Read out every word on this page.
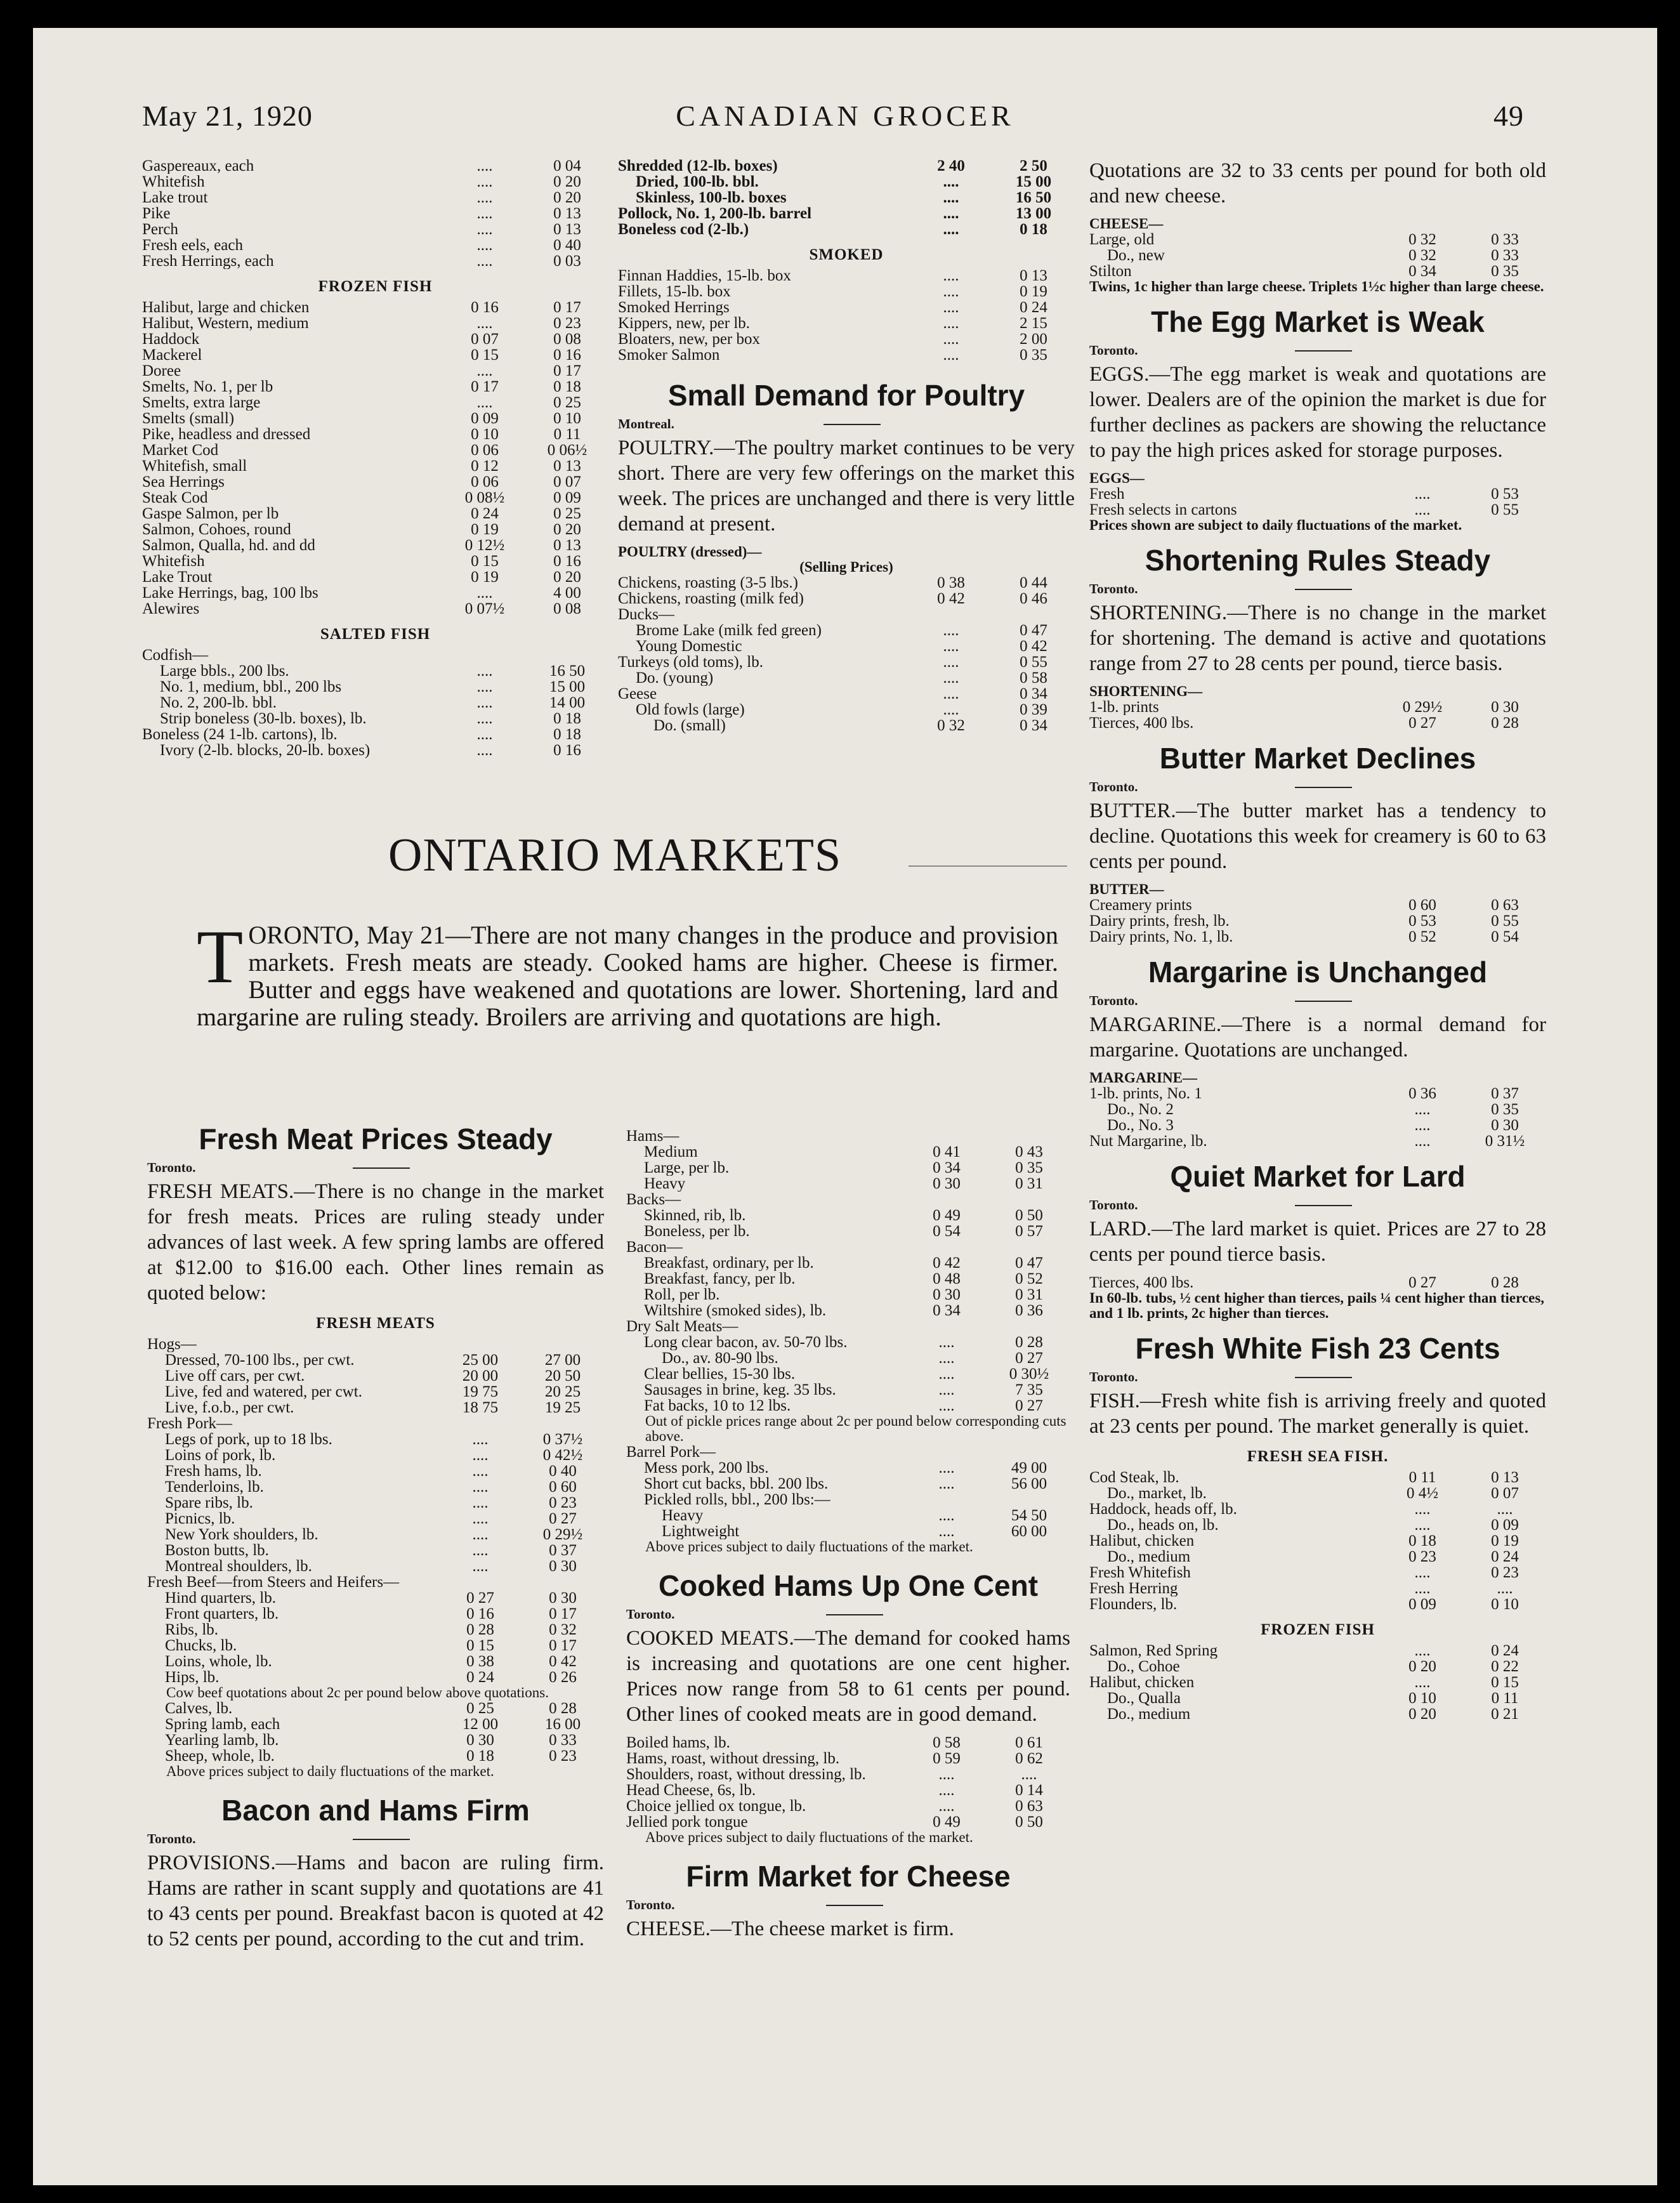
May 21, 1920	CANADIAN GROCER	49
Gaspereaux, each	....	0 04
Whitefish	....	0 20
Lake trout	....	0 20
Pike	....	0 13
Perch	....	0 13
Fresh eels, each	....	0 40
Fresh Herrings, each	....	0 03
FROZEN FISH
Halibut, large and chicken	0 16	0 17
Halibut, Western, medium	....	0 23
Haddock	0 07	0 08
Mackerel	0 15	0 16
Doree	....	0 17
Smelts, No. 1, per lb	0 17	0 18
Smelts, extra large	....	0 25
Smelts (small)	0 09	0 10
Pike, headless and dressed	0 10	0 11
Market Cod	0 06	0 06½
Whitefish, small	0 12	0 13
Sea Herrings	0 06	0 07
Steak Cod	0 08½	0 09
Gaspe Salmon, per lb	0 24	0 25
Salmon, Cohoes, round	0 19	0 20
Salmon, Qualla, hd. and dd	0 12½	0 13
Whitefish	0 15	0 16
Lake Trout	0 19	0 20
Lake Herrings, bag, 100 lbs	....	4 00
Alewires	0 07½	0 08
SALTED FISH
Codfish—		
Large bbls., 200 lbs.	....	16 50
No. 1, medium, bbl., 200 lbs	....	15 00
No. 2, 200-lb. bbl.	....	14 00
Strip boneless (30-lb. boxes), lb.	....	0 18
Boneless (24 1-lb. cartons), lb.	....	0 18
Ivory (2-lb. blocks, 20-lb. boxes)	....	0 16
Shredded (12-lb. boxes)	2 40	2 50
Dried, 100-lb. bbl.	....	15 00
Skinless, 100-lb. boxes	....	16 50
Pollock, No. 1, 200-lb. barrel	....	13 00
Boneless cod (2-lb.)	....	0 18
SMOKED
Finnan Haddies, 15-lb. box	....	0 13
Fillets, 15-lb. box	....	0 19
Smoked Herrings	....	0 24
Kippers, new, per lb.	....	2 15
Bloaters, new, per box	....	2 00
Smoker Salmon	....	0 35
Small Demand for Poultry
Montreal.

POULTRY.—The poultry market continues to be very short. There are very few offerings on the market this week. The prices are unchanged and there is very little demand at present.

POULTRY (dressed)—
(Selling Prices)
Chickens, roasting (3-5 lbs.)	0 38	0 44
Chickens, roasting (milk fed)	0 42	0 46
Ducks—		
Brome Lake (milk fed green)	....	0 47
Young Domestic	....	0 42
Turkeys (old toms), lb.	....	0 55
Do. (young)	....	0 58
Geese	....	0 34
Old fowls (large)	....	0 39
Do. (small)	0 32	0 34

Quotations are 32 to 33 cents per pound for both old and new cheese.

CHEESE—
Large, old	0 32	0 33
Do., new	0 32	0 33
Stilton	0 34	0 35
Twins, 1c higher than large cheese. Triplets 1½c higher than large cheese.
The Egg Market is Weak
Toronto.

EGGS.—The egg market is weak and quotations are lower. Dealers are of the opinion the market is due for further declines as packers are showing the reluctance to pay the high prices asked for storage purposes.

EGGS—
Fresh	....	0 53
Fresh selects in cartons	....	0 55
Prices shown are subject to daily fluctuations of the market.
Shortening Rules Steady
Toronto.

SHORTENING.—There is no change in the market for shortening. The demand is active and quotations range from 27 to 28 cents per pound, tierce basis.

SHORTENING—
1-lb. prints	0 29½	0 30
Tierces, 400 lbs.	0 27	0 28
Butter Market Declines
Toronto.

BUTTER.—The butter market has a tendency to decline. Quotations this week for creamery is 60 to 63 cents per pound.

BUTTER—
Creamery prints	0 60	0 63
Dairy prints, fresh, lb.	0 53	0 55
Dairy prints, No. 1, lb.	0 52	0 54
Margarine is Unchanged
Toronto.

MARGARINE.—There is a normal demand for margarine. Quotations are unchanged.

MARGARINE—
1-lb. prints, No. 1	0 36	0 37
Do., No. 2	....	0 35
Do., No. 3	....	0 30
Nut Margarine, lb.	....	0 31½
Quiet Market for Lard
Toronto.

LARD.—The lard market is quiet. Prices are 27 to 28 cents per pound tierce basis.

Tierces, 400 lbs.	0 27	0 28
In 60-lb. tubs, ½ cent higher than tierces, pails ¼ cent higher than tierces, and 1 lb. prints, 2c higher than tierces.
Fresh White Fish 23 Cents
Toronto.

FISH.—Fresh white fish is arriving freely and quoted at 23 cents per pound. The market generally is quiet.

FRESH SEA FISH.
Cod Steak, lb.	0 11	0 13
Do., market, lb.	0 4½	0 07
Haddock, heads off, lb.	....	....
Do., heads on, lb.	....	0 09
Halibut, chicken	0 18	0 19
Do., medium	0 23	0 24
Fresh Whitefish	....	0 23
Fresh Herring	....	....
Flounders, lb.	0 09	0 10
FROZEN FISH
Salmon, Red Spring	....	0 24
Do., Cohoe	0 20	0 22
Halibut, chicken	....	0 15
Do., Qualla	0 10	0 11
Do., medium	0 20	0 21
ONTARIO MARKETS
TORONTO, May 21—There are not many changes in the produce and provision markets. Fresh meats are steady. Cooked hams are higher. Cheese is firmer. Butter and eggs have weakened and quotations are lower. Shortening, lard and margarine are ruling steady. Broilers are arriving and quotations are high.
Fresh Meat Prices Steady
Toronto.

FRESH MEATS.—There is no change in the market for fresh meats. Prices are ruling steady under advances of last week. A few spring lambs are offered at $12.00 to $16.00 each. Other lines remain as quoted below:

FRESH MEATS
Hogs—		
Dressed, 70-100 lbs., per cwt.	25 00	27 00
Live off cars, per cwt.	20 00	20 50
Live, fed and watered, per cwt.	19 75	20 25
Live, f.o.b., per cwt.	18 75	19 25
Fresh Pork—		
Legs of pork, up to 18 lbs.	....	0 37½
Loins of pork, lb.	....	0 42½
Fresh hams, lb.	....	0 40
Tenderloins, lb.	....	0 60
Spare ribs, lb.	....	0 23
Picnics, lb.	....	0 27
New York shoulders, lb.	....	0 29½
Boston butts, lb.	....	0 37
Montreal shoulders, lb.	....	0 30
Fresh Beef—from Steers and Heifers—		
Hind quarters, lb.	0 27	0 30
Front quarters, lb.	0 16	0 17
Ribs, lb.	0 28	0 32
Chucks, lb.	0 15	0 17
Loins, whole, lb.	0 38	0 42
Hips, lb.	0 24	0 26
Cow beef quotations about 2c per pound below above quotations.
Calves, lb.	0 25	0 28
Spring lamb, each	12 00	16 00
Yearling lamb, lb.	0 30	0 33
Sheep, whole, lb.	0 18	0 23
Above prices subject to daily fluctuations of the market.
Bacon and Hams Firm
Toronto.

PROVISIONS.—Hams and bacon are ruling firm. Hams are rather in scant supply and quotations are 41 to 43 cents per pound. Breakfast bacon is quoted at 42 to 52 cents per pound, according to the cut and trim.

Hams—		
Medium	0 41	0 43
Large, per lb.	0 34	0 35
Heavy	0 30	0 31
Backs—		
Skinned, rib, lb.	0 49	0 50
Boneless, per lb.	0 54	0 57
Bacon—		
Breakfast, ordinary, per lb.	0 42	0 47
Breakfast, fancy, per lb.	0 48	0 52
Roll, per lb.	0 30	0 31
Wiltshire (smoked sides), lb.	0 34	0 36
Dry Salt Meats—		
Long clear bacon, av. 50-70 lbs.	....	0 28
Do., av. 80-90 lbs.	....	0 27
Clear bellies, 15-30 lbs.	....	0 30½
Sausages in brine, keg. 35 lbs.	....	7 35
Fat backs, 10 to 12 lbs.	....	0 27
Out of pickle prices range about 2c per pound below corresponding cuts above.
Barrel Pork—		
Mess pork, 200 lbs.	....	49 00
Short cut backs, bbl. 200 lbs.	....	56 00
Pickled rolls, bbl., 200 lbs:—		
Heavy	....	54 50
Lightweight	....	60 00
Above prices subject to daily fluctuations of the market.
Cooked Hams Up One Cent
Toronto.

COOKED MEATS.—The demand for cooked hams is increasing and quotations are one cent higher. Prices now range from 58 to 61 cents per pound. Other lines of cooked meats are in good demand.

Boiled hams, lb.	0 58	0 61
Hams, roast, without dressing, lb.	0 59	0 62
Shoulders, roast, without dressing, lb.	....	....
Head Cheese, 6s, lb.	....	0 14
Choice jellied ox tongue, lb.	....	0 63
Jellied pork tongue	0 49	0 50
Above prices subject to daily fluctuations of the market.
Firm Market for Cheese
Toronto.

CHEESE.—The cheese market is firm.
